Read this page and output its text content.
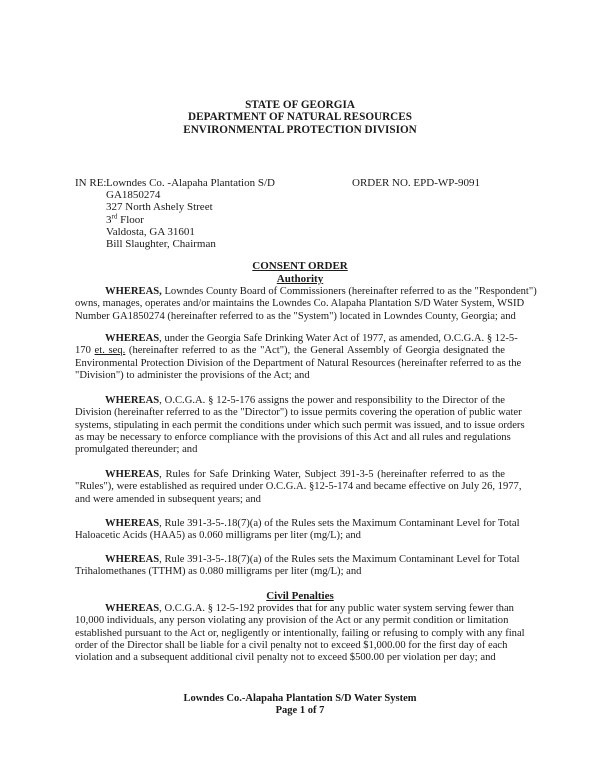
STATE OF GEORGIA
DEPARTMENT OF NATURAL RESOURCES
ENVIRONMENTAL PROTECTION DIVISION
IN RE: Lowndes Co. -Alapaha Plantation S/D
GA1850274
327 North Ashely Street
3rd Floor
Valdosta, GA 31601
Bill Slaughter, Chairman
ORDER NO. EPD-WP-9091
CONSENT ORDER
Authority
Civil Penalties
WHEREAS, Lowndes County Board of Commissioners (hereinafter referred to as the "Respondent")
owns, manages, operates and/or maintains the Lowndes Co. Alapaha Plantation S/D Water System, WSID
Number GA1850274 (hereinafter referred to as the "System") located in Lowndes County, Georgia; and
WHEREAS, under the Georgia Safe Drinking Water Act of 1977, as amended, O.C.G.A. § 12-5-
170 et. seq. (hereinafter referred to as the "Act"), the General Assembly of Georgia designated the
Environmental Protection Division of the Department of Natural Resources (hereinafter referred to as the
"Division") to administer the provisions of the Act; and
WHEREAS, O.C.G.A. § 12-5-176 assigns the power and responsibility to the Director of the
Division (hereinafter referred to as the "Director") to issue permits covering the operation of public water
systems, stipulating in each permit the conditions under which such permit was issued, and to issue orders
as may be necessary to enforce compliance with the provisions of this Act and all rules and regulations
promulgated thereunder; and
WHEREAS, Rules for Safe Drinking Water, Subject 391-3-5 (hereinafter referred to as the
"Rules"), were established as required under O.C.G.A. §12-5-174 and became effective on July 26, 1977,
and were amended in subsequent years; and
WHEREAS, Rule 391-3-5-.18(7)(a) of the Rules sets the Maximum Contaminant Level for Total
Haloacetic Acids (HAA5) as 0.060 milligrams per liter (mg/L); and
WHEREAS, Rule 391-3-5-.18(7)(a) of the Rules sets the Maximum Contaminant Level for Total
Trihalomethanes (TTHM) as 0.080 milligrams per liter (mg/L); and
WHEREAS, O.C.G.A. § 12-5-192 provides that for any public water system serving fewer than
10,000 individuals, any person violating any provision of the Act or any permit condition or limitation
established pursuant to the Act or, negligently or intentionally, failing or refusing to comply with any final
order of the Director shall be liable for a civil penalty not to exceed $1,000.00 for the first day of each
violation and a subsequent additional civil penalty not to exceed $500.00 per violation per day; and
Lowndes Co.-Alapaha Plantation S/D Water System
Page 1 of 7
